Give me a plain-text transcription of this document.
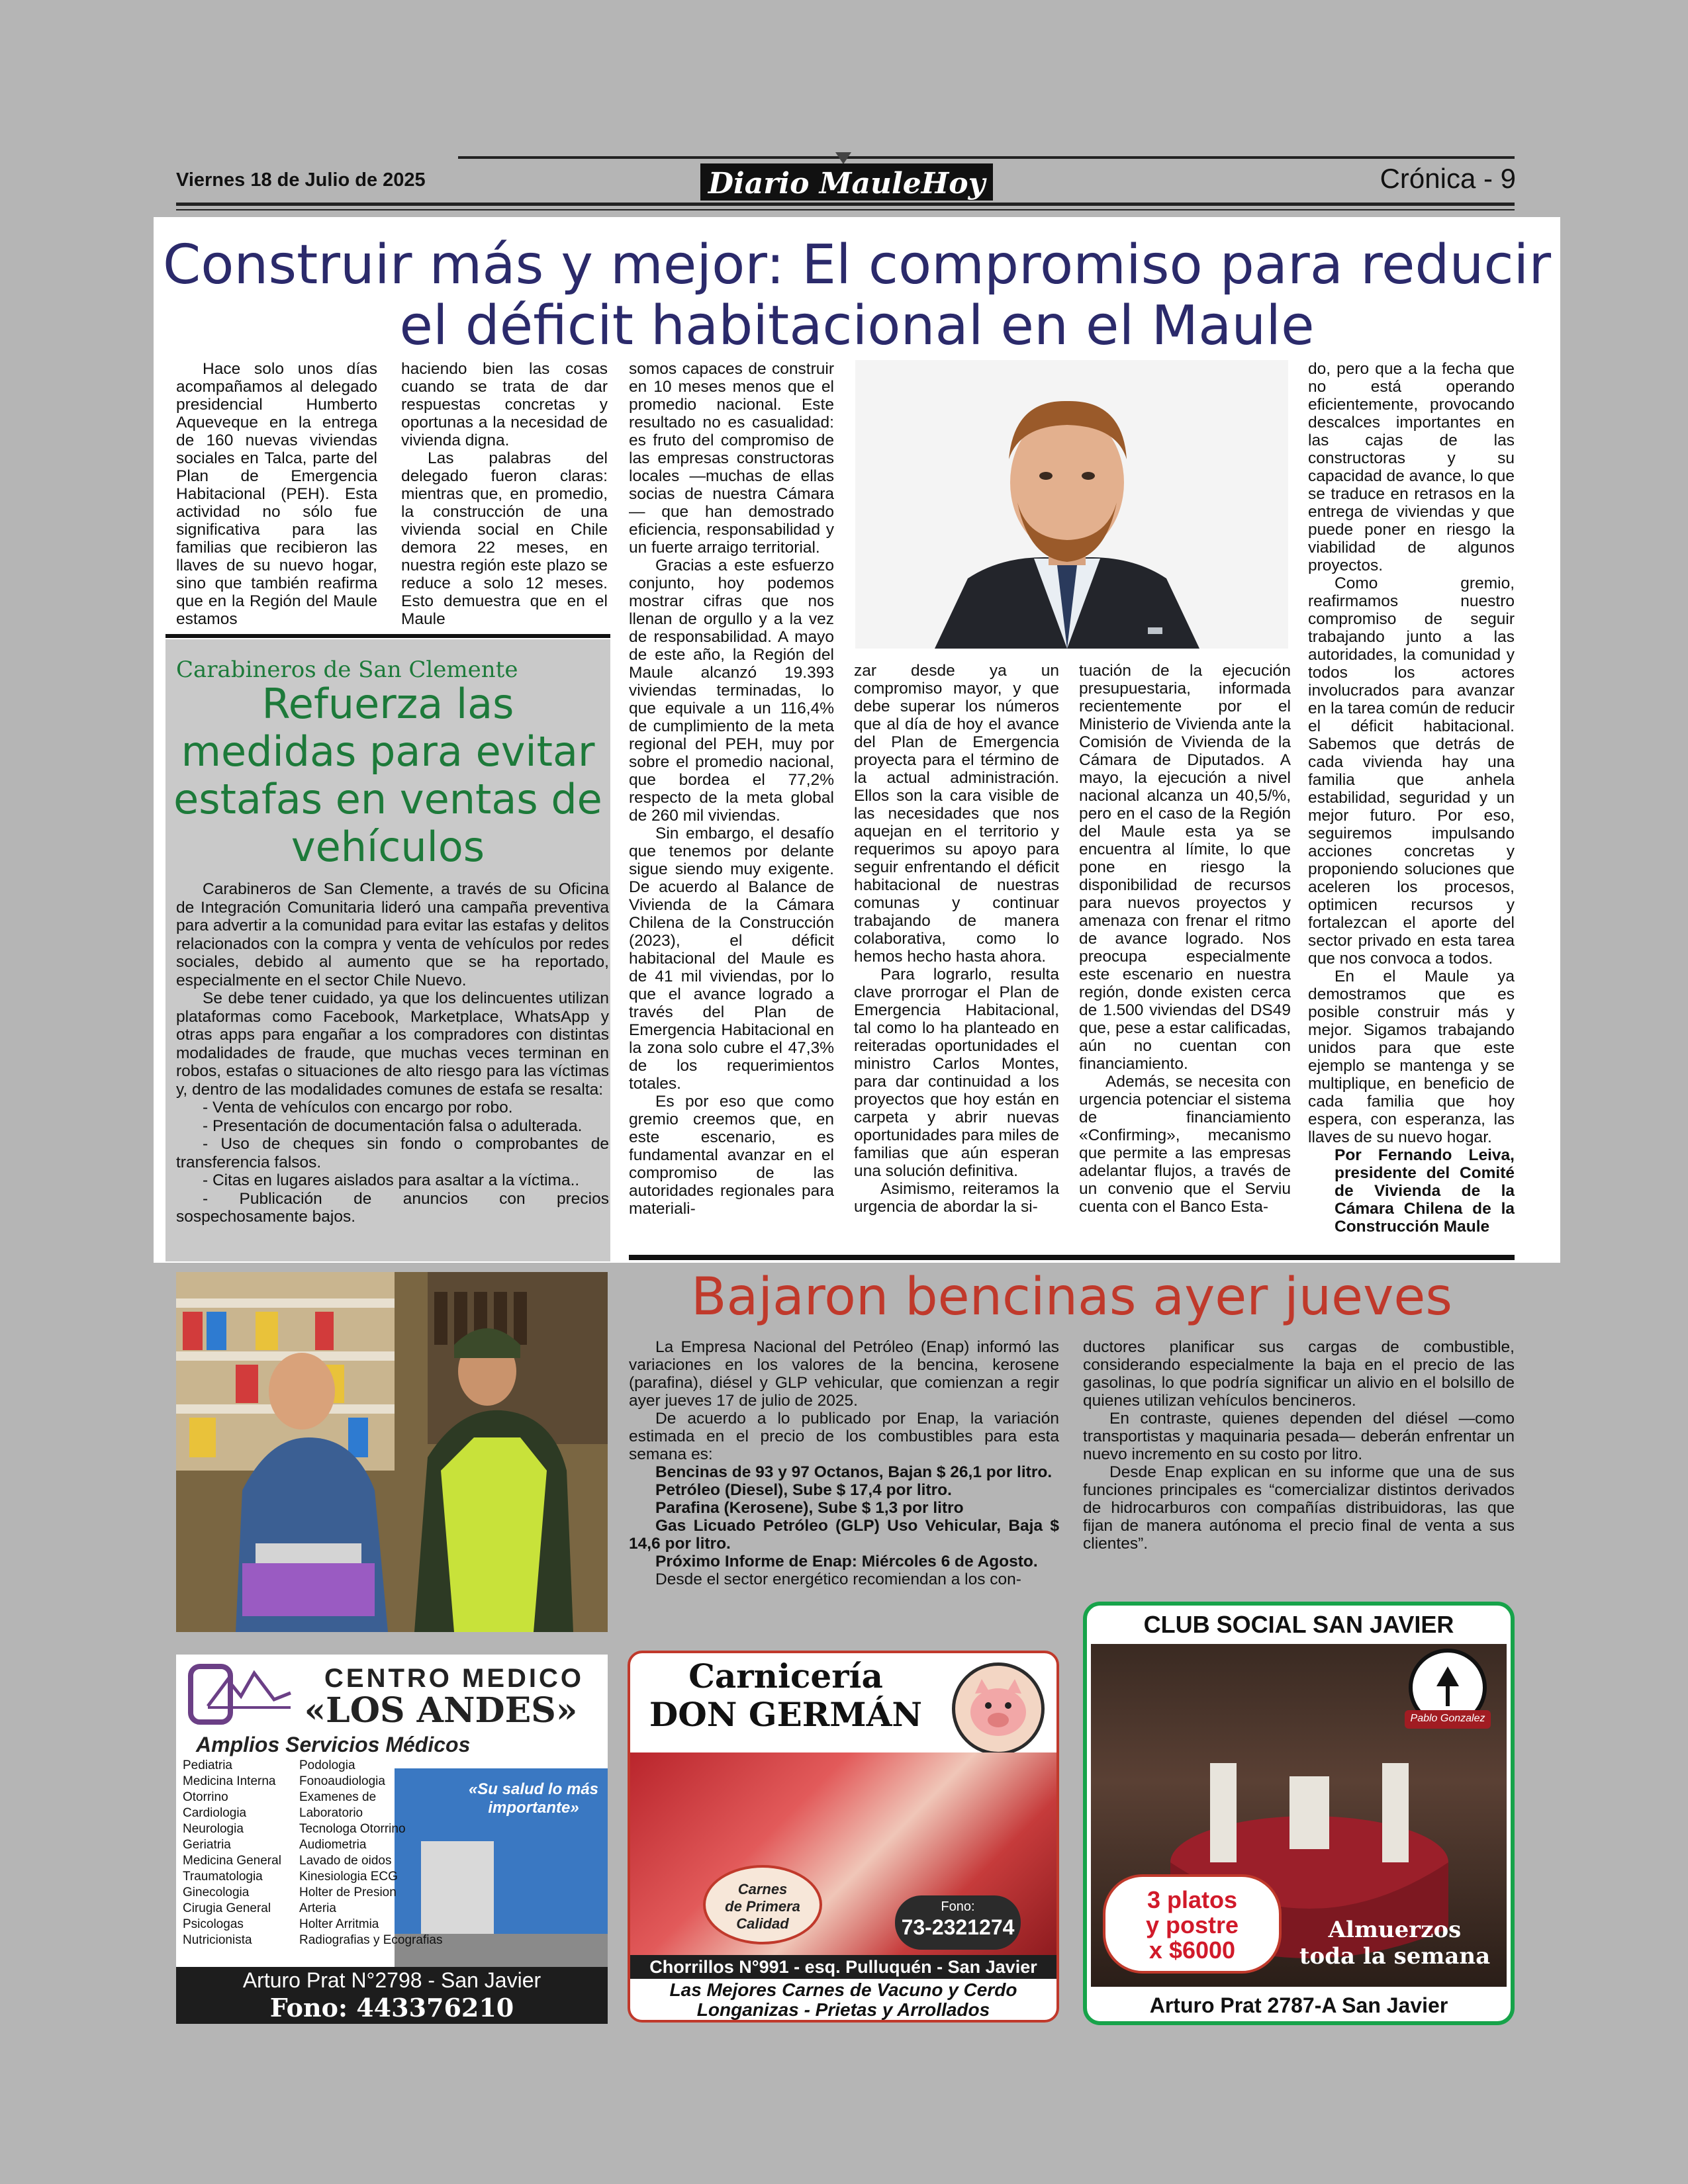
Viernes 18 de Julio de 2025	Diario MauleHoy	Crónica - 9
Construir más y mejor: El compromiso para reducir
el déficit habitacional en el Maule

Hace solo unos días acompañamos al delegado presidencial Humberto Aqueveque en la entrega de 160 nuevas viviendas sociales en Talca, parte del Plan de Emergencia Habitacional (PEH). Esta actividad no sólo fue significativa para las familias que recibieron las llaves de su nuevo hogar, sino que también reafirma que en la Región del Maule estamos

haciendo bien las cosas cuando se trata de dar respuestas concretas y oportunas a la necesidad de vivienda digna.

Las palabras del delegado fueron claras: mientras que, en promedio, la construcción de una vivienda social en Chile demora 22 meses, en nuestra región este plazo se reduce a solo 12 meses. Esto demuestra que en el Maule

somos capaces de construir en 10 meses menos que el promedio nacional. Este resultado no es casualidad: es fruto del compromiso de las empresas constructoras locales —muchas de ellas socias de nuestra Cámara— que han demostrado eficiencia, responsabilidad y un fuerte arraigo territorial.

Gracias a este esfuerzo conjunto, hoy podemos mostrar cifras que nos llenan de orgullo y a la vez de responsabilidad. A mayo de este año, la Región del Maule alcanzó 19.393 viviendas terminadas, lo que equivale a un 116,4% de cumplimiento de la meta regional del PEH, muy por sobre el promedio nacional, que bordea el 77,2% respecto de la meta global de 260 mil viviendas.

Sin embargo, el desafío que tenemos por delante sigue siendo muy exigente. De acuerdo al Balance de Vivienda de la Cámara Chilena de la Construcción (2023), el déficit habitacional del Maule es de 41 mil viviendas, por lo que el avance logrado a través del Plan de Emergencia Habitacional en la zona solo cubre el 47,3% de los requerimientos totales.

Es por eso que como gremio creemos que, en este escenario, es fundamental avanzar en el compromiso de las autoridades regionales para materiali-

zar desde ya un compromiso mayor, y que debe superar los números que al día de hoy el avance del Plan de Emergencia proyecta para el término de la actual administración. Ellos son la cara visible de las necesidades que nos aquejan en el territorio y requerimos su apoyo para seguir enfrentando el déficit habitacional de nuestras comunas y continuar trabajando de manera colaborativa, como lo hemos hecho hasta ahora.

Para lograrlo, resulta clave prorrogar el Plan de Emergencia Habitacional, tal como lo ha planteado en reiteradas oportunidades el ministro Carlos Montes, para dar continuidad a los proyectos que hoy están en carpeta y abrir nuevas oportunidades para miles de familias que aún esperan una solución definitiva.

Asimismo, reiteramos la urgencia de abordar la si-

tuación de la ejecución presupuestaria, informada recientemente por el Ministerio de Vivienda ante la Comisión de Vivienda de la Cámara de Diputados. A mayo, la ejecución a nivel nacional alcanza un 40,5/%, pero en el caso de la Región del Maule esta ya se encuentra al límite, lo que pone en riesgo la disponibilidad de recursos para nuevos proyectos y amenaza con frenar el ritmo de avance logrado. Nos preocupa especialmente este escenario en nuestra región, donde existen cerca de 1.500 viviendas del DS49 que, pese a estar calificadas, aún no cuentan con financiamiento.

Además, se necesita con urgencia potenciar el sistema de financiamiento «Confirming», mecanismo que permite a las empresas adelantar flujos, a través de un convenio que el Serviu cuenta con el Banco Esta-

do, pero que a la fecha que no está operando eficientemente, provocando descalces importantes en las cajas de las constructoras y su capacidad de avance, lo que se traduce en retrasos en la entrega de viviendas y que puede poner en riesgo la viabilidad de algunos proyectos.

Como gremio, reafirmamos nuestro compromiso de seguir trabajando junto a las autoridades, la comunidad y todos los actores involucrados para avanzar en la tarea común de reducir el déficit habitacional. Sabemos que detrás de cada vivienda hay una familia que anhela estabilidad, seguridad y un mejor futuro. Por eso, seguiremos impulsando acciones concretas y proponiendo soluciones que aceleren los procesos, optimicen recursos y fortalezcan el aporte del sector privado en esta tarea que nos convoca a todos.

En el Maule ya demostramos que es posible construir más y mejor. Sigamos trabajando unidos para que este ejemplo se mantenga y se multiplique, en beneficio de cada familia que hoy espera, con esperanza, las llaves de su nuevo hogar.

Por Fernando Leiva, presidente del Comité de Vivienda de la Cámara Chilena de la Construcción Maule

Carabineros de San Clemente
Refuerza las
medidas para evitar
estafas en ventas de
vehículos

Carabineros de San Clemente, a través de su Oficina de Integración Comunitaria lideró una campaña preventiva para advertir a la comunidad para evitar las estafas y delitos relacionados con la compra y venta de vehículos por redes sociales, debido al aumento que se ha reportado, especialmente en el sector Chile Nuevo.

Se debe tener cuidado, ya que los delincuentes utilizan plataformas como Facebook, Marketplace, WhatsApp y otras apps para engañar a los compradores con distintas modalidades de fraude, que muchas veces terminan en robos, estafas o situaciones de alto riesgo para las víctimas y, dentro de las modalidades comunes de estafa se resalta:

- Venta de vehículos con encargo por robo.

- Presentación de documentación falsa o adulterada.

- Uso de cheques sin fondo o comprobantes de transferencia falsos.

- Citas en lugares aislados para asaltar a la víctima..

- Publicación de anuncios con precios sospechosamente bajos.

Bajaron bencinas ayer jueves

La Empresa Nacional del Petróleo (Enap) informó las variaciones en los valores de la bencina, kerosene (parafina), diésel y GLP vehicular, que comienzan a regir ayer jueves 17 de julio de 2025.

De acuerdo a lo publicado por Enap, la variación estimada en el precio de los combustibles para esta semana es:

Bencinas de 93 y 97 Octanos, Bajan $ 26,1 por litro.

Petróleo (Diesel), Sube $ 17,4 por litro.

Parafina (Kerosene), Sube $ 1,3 por litro

Gas Licuado Petróleo (GLP) Uso Vehicular, Baja $ 14,6 por litro.

Próximo Informe de Enap: Miércoles 6 de Agosto.

Desde el sector energético recomiendan a los con-

ductores planificar sus cargas de combustible, considerando especialmente la baja en el precio de las gasolinas, lo que podría significar un alivio en el bolsillo de quienes utilizan vehículos bencineros.

En contraste, quienes dependen del diésel —como transportistas y maquinaria pesada— deberán enfrentar un nuevo incremento en su costo por litro.

Desde Enap explican en su informe que una de sus funciones principales es “comercializar distintos derivados de hidrocarburos con compañías distribuidoras, las que fijan de manera autónoma el precio final de venta a sus clientes”.

CENTRO MEDICO
«LOS ANDES»
Amplios Servicios Médicos
«Su salud lo más
importante»
Pediatria
Medicina Interna
Otorrino
Cardiologia
Neurologia
Geriatria
Medicina General
Traumatologia
Ginecologia
Cirugia General
Psicologas
Nutricionista
Podologia
Fonoaudiologia
Examenes de
Laboratorio
Tecnologa Otorrino
Audiometria
Lavado de oidos
Kinesiologia ECG
Holter de Presion
Arteria
Holter Arritmia
Radiografias y Ecografias
Arturo Prat N°2798 - San Javier
Fono: 443376210
Carnicería
DON GERMÁN
Carnes
de Primera
Calidad
Fono:
73-2321274
Chorrillos N°991 - esq. Pulluquén - San Javier
Las Mejores Carnes de Vacuno y Cerdo
Longanizas - Prietas y Arrollados
CLUB SOCIAL SAN JAVIER
Pablo Gonzalez
3 platos
y postre
x $6000
Almuerzos
toda la semana
Arturo Prat 2787-A San Javier
